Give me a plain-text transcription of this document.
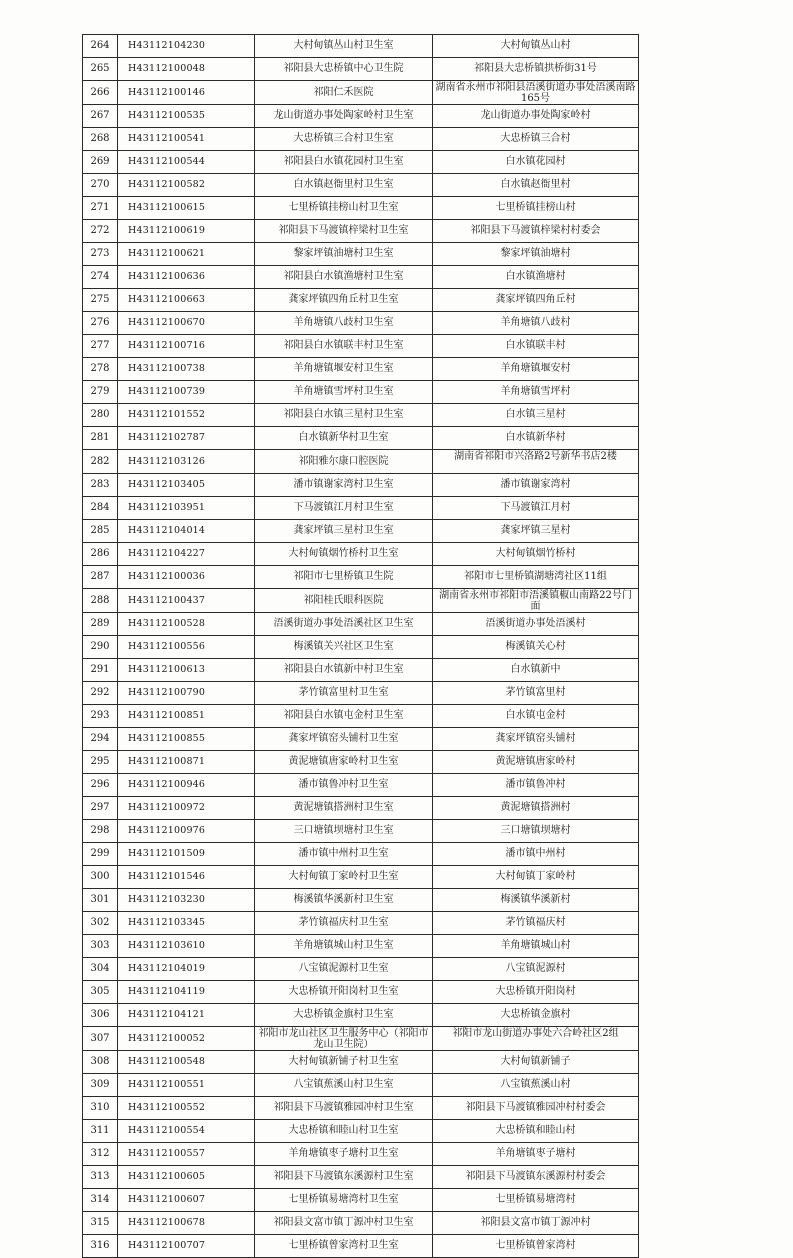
264	H43112104230	大村甸镇丛山村卫生室	大村甸镇丛山村
265	H43112100048	祁阳县大忠桥镇中心卫生院	祁阳县大忠桥镇拱桥街31号
266	H43112100146	祁阳仁禾医院	湖南省永州市祁阳县浯溪街道办事处浯溪南路165号
267	H43112100535	龙山街道办事处陶家岭村卫生室	龙山街道办事处陶家岭村
268	H43112100541	大忠桥镇三合村卫生室	大忠桥镇三合村
269	H43112100544	祁阳县白水镇花园村卫生室	白水镇花园村
270	H43112100582	白水镇赵衙里村卫生室	白水镇赵衙里村
271	H43112100615	七里桥镇挂榜山村卫生室	七里桥镇挂榜山村
272	H43112100619	祁阳县下马渡镇梓梁村卫生室	祁阳县下马渡镇梓梁村村委会
273	H43112100621	黎家坪镇油塘村卫生室	黎家坪镇油塘村
274	H43112100636	祁阳县白水镇渔塘村卫生室	白水镇渔塘村
275	H43112100663	龚家坪镇四角丘村卫生室	龚家坪镇四角丘村
276	H43112100670	羊角塘镇八歧村卫生室	羊角塘镇八歧村
277	H43112100716	祁阳县白水镇联丰村卫生室	白水镇联丰村
278	H43112100738	羊角塘镇堰安村卫生室	羊角塘镇堰安村
279	H43112100739	羊角塘镇雪坪村卫生室	羊角塘镇雪坪村
280	H43112101552	祁阳县白水镇三星村卫生室	白水镇三星村
281	H43112102787	白水镇新华村卫生室	白水镇新华村
282	H43112103126	祁阳雅尔康口腔医院	湖南省祁阳市兴洛路2号新华书店2楼
283	H43112103405	潘市镇谢家湾村卫生室	潘市镇谢家湾村
284	H43112103951	下马渡镇江月村卫生室	下马渡镇江月村
285	H43112104014	龚家坪镇三星村卫生室	龚家坪镇三星村
286	H43112104227	大村甸镇烟竹桥村卫生室	大村甸镇烟竹桥村
287	H43112100036	祁阳市七里桥镇卫生院	祁阳市七里桥镇湖塘湾社区11组
288	H43112100437	祁阳桂氏眼科医院	湖南省永州市祁阳市浯溪镇椒山南路22号门面
289	H43112100528	浯溪街道办事处浯溪社区卫生室	浯溪街道办事处浯溪村
290	H43112100556	梅溪镇关兴社区卫生室	梅溪镇关心村
291	H43112100613	祁阳县白水镇新中村卫生室	白水镇新中
292	H43112100790	茅竹镇富里村卫生室	茅竹镇富里村
293	H43112100851	祁阳县白水镇屯金村卫生室	白水镇屯金村
294	H43112100855	龚家坪镇窑头铺村卫生室	龚家坪镇窑头铺村
295	H43112100871	黄泥塘镇唐家岭村卫生室	黄泥塘镇唐家岭村
296	H43112100946	潘市镇鲁冲村卫生室	潘市镇鲁冲村
297	H43112100972	黄泥塘镇搭洲村卫生室	黄泥塘镇搭洲村
298	H43112100976	三口塘镇坝塘村卫生室	三口塘镇坝塘村
299	H43112101509	潘市镇中州村卫生室	潘市镇中州村
300	H43112101546	大村甸镇丁家岭村卫生室	大村甸镇丁家岭村
301	H43112103230	梅溪镇华溪新村卫生室	梅溪镇华溪新村
302	H43112103345	茅竹镇福庆村卫生室	茅竹镇福庆村
303	H43112103610	羊角塘镇城山村卫生室	羊角塘镇城山村
304	H43112104019	八宝镇泥源村卫生室	八宝镇泥源村
305	H43112104119	大忠桥镇开阳岗村卫生室	大忠桥镇开阳岗村
306	H43112104121	大忠桥镇金旗村卫生室	大忠桥镇金旗村
307	H43112100052	祁阳市龙山社区卫生服务中心（祁阳市龙山卫生院）	祁阳市龙山街道办事处六合岭社区2组
308	H43112100548	大村甸镇新铺子村卫生室	大村甸镇新铺子
309	H43112100551	八宝镇蕉溪山村卫生室	八宝镇蕉溪山村
310	H43112100552	祁阳县下马渡镇雅园冲村卫生室	祁阳县下马渡镇雅园冲村村委会
311	H43112100554	大忠桥镇和睦山村卫生室	大忠桥镇和睦山村
312	H43112100557	羊角塘镇枣子塘村卫生室	羊角塘镇枣子塘村
313	H43112100605	祁阳县下马渡镇东溪源村卫生室	祁阳县下马渡镇东溪源村村委会
314	H43112100607	七里桥镇易塘湾村卫生室	七里桥镇易塘湾村
315	H43112100678	祁阳县文富市镇丁源冲村卫生室	祁阳县文富市镇丁源冲村
316	H43112100707	七里桥镇曾家湾村卫生室	七里桥镇曾家湾村
